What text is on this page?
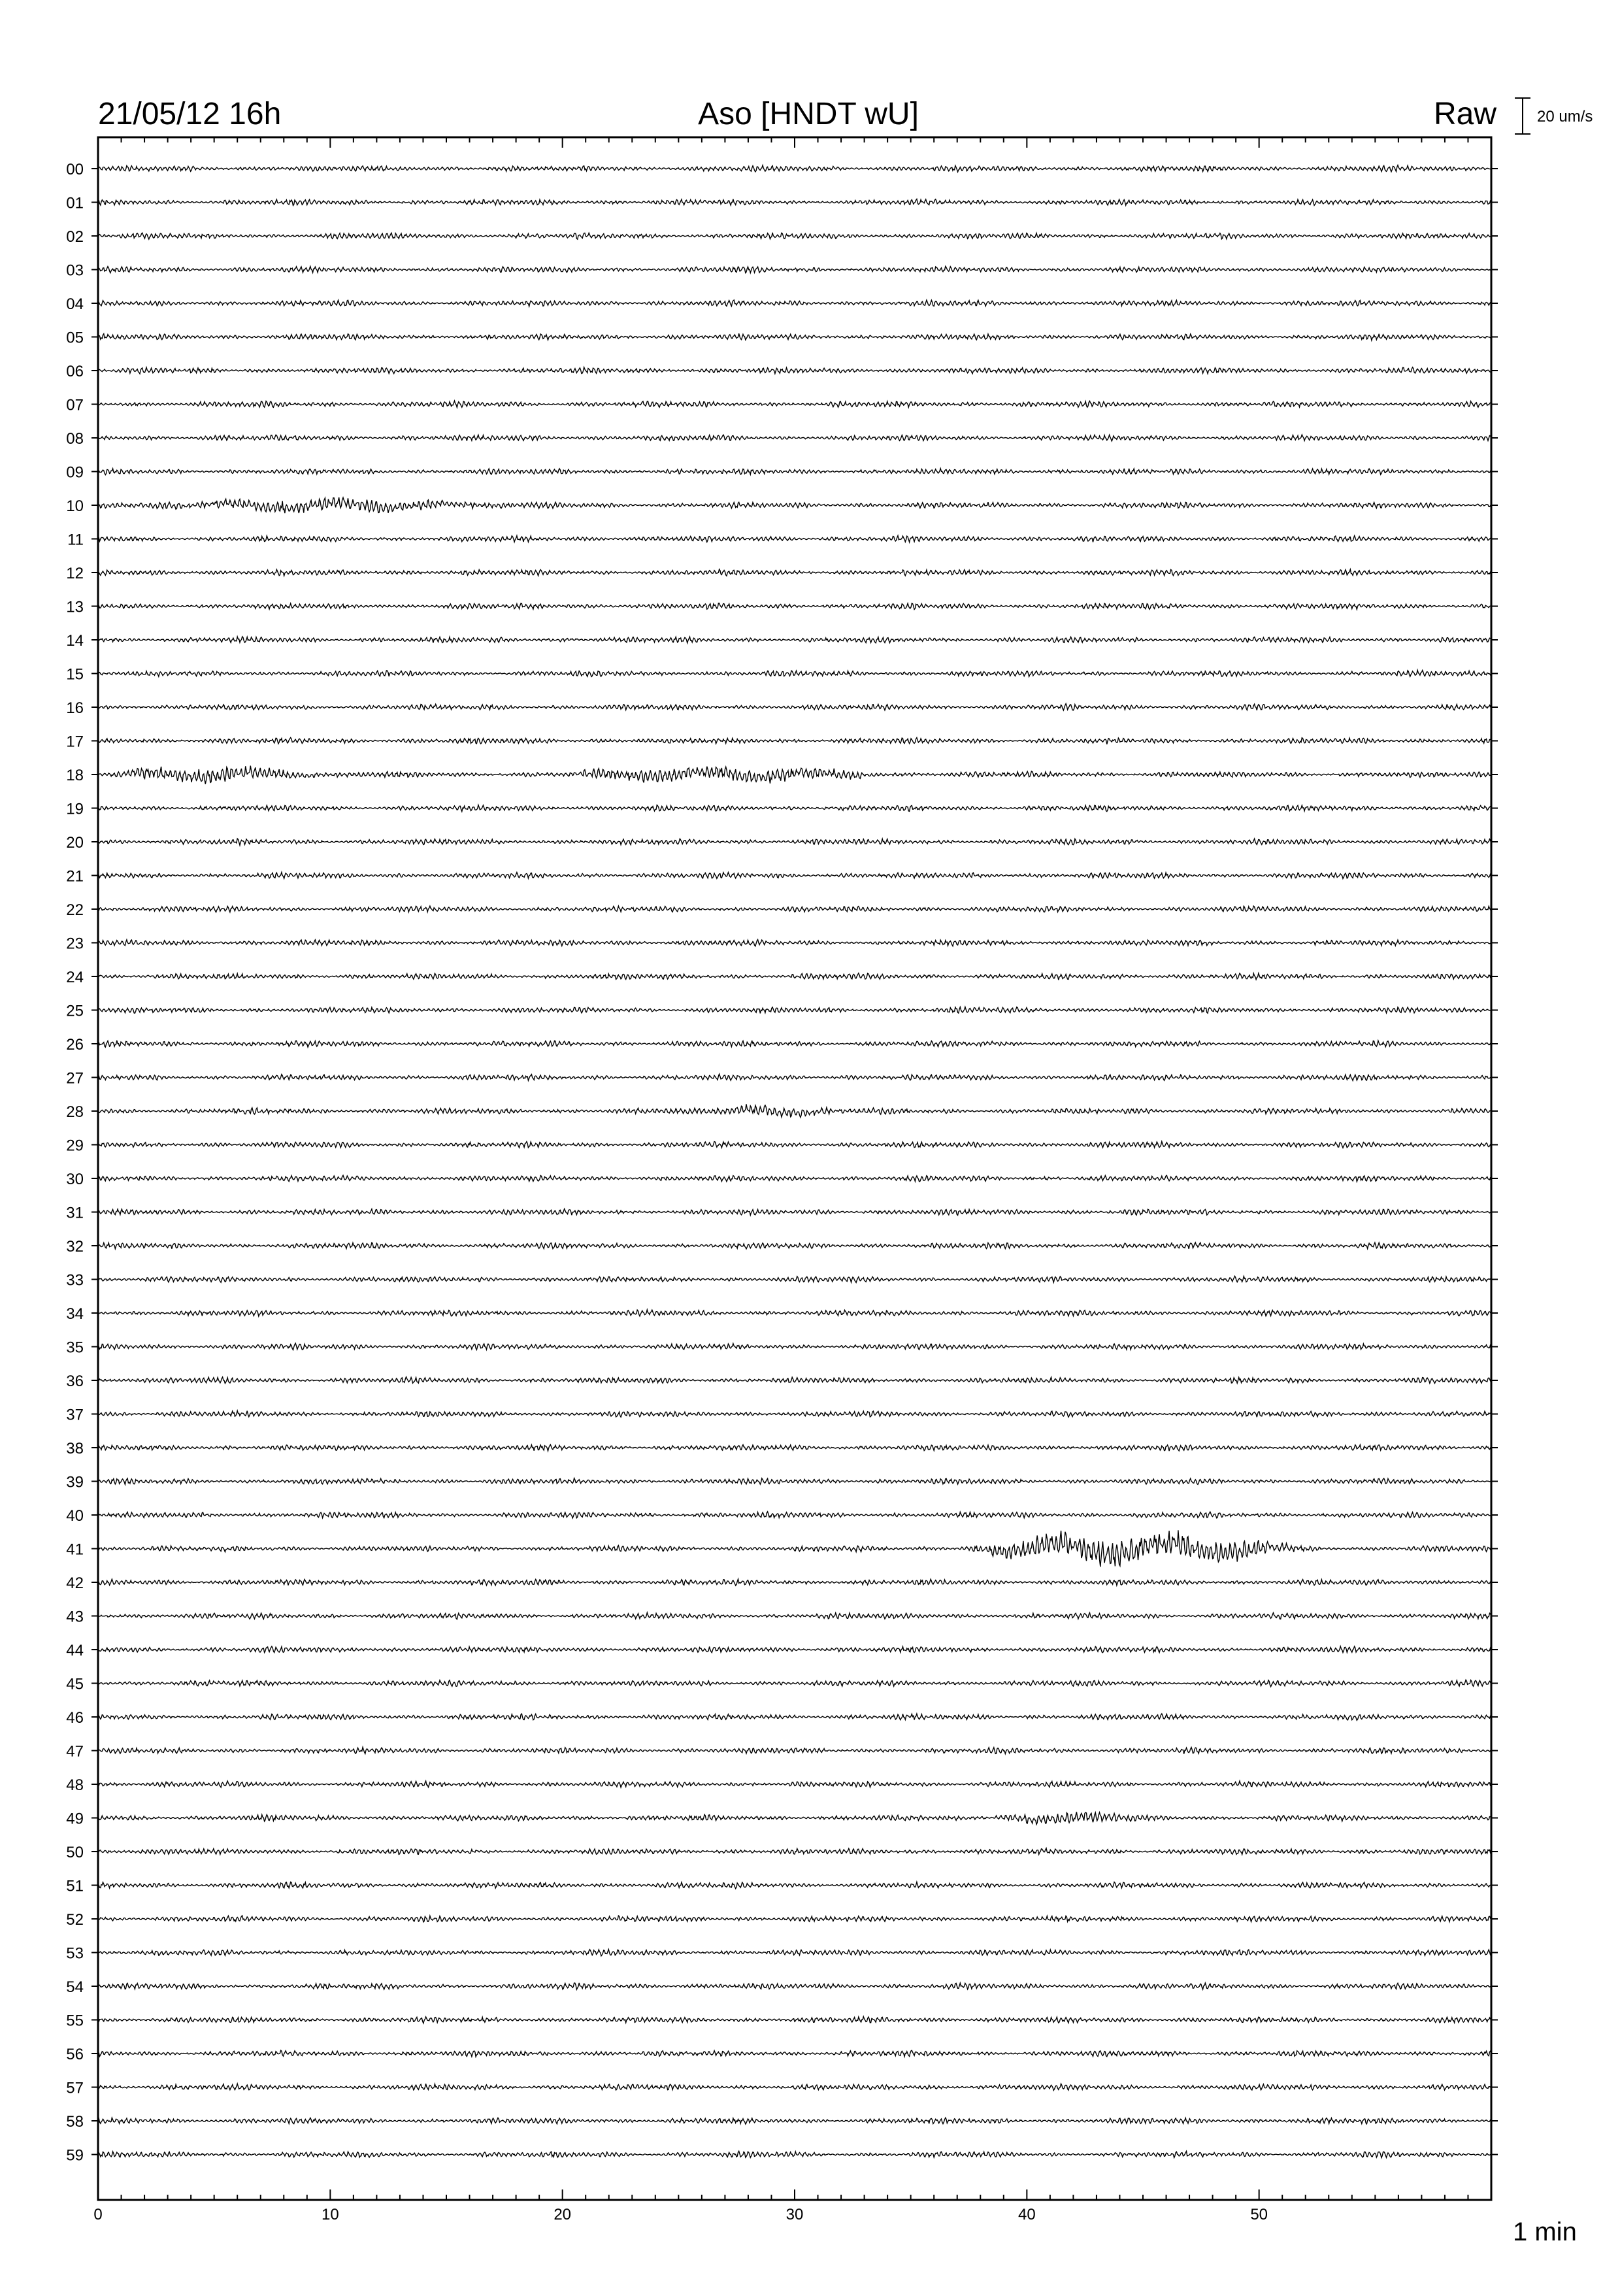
21/05/12 16h	Aso [HNDT wU]	Raw	20 um/s
00
01
02
03
04
05
06
07
08
09
10
11
12
13
14
15
16
17
18
19
20
21
22
23
24
25
26
27
28
29
30
31
32
33
34
35
36
37
38
39
40
41
42
43
44
45
46
47
48
49
50
51
52
53
54
55
56
57
58
59
0	10	20	30	40	50
1 min
